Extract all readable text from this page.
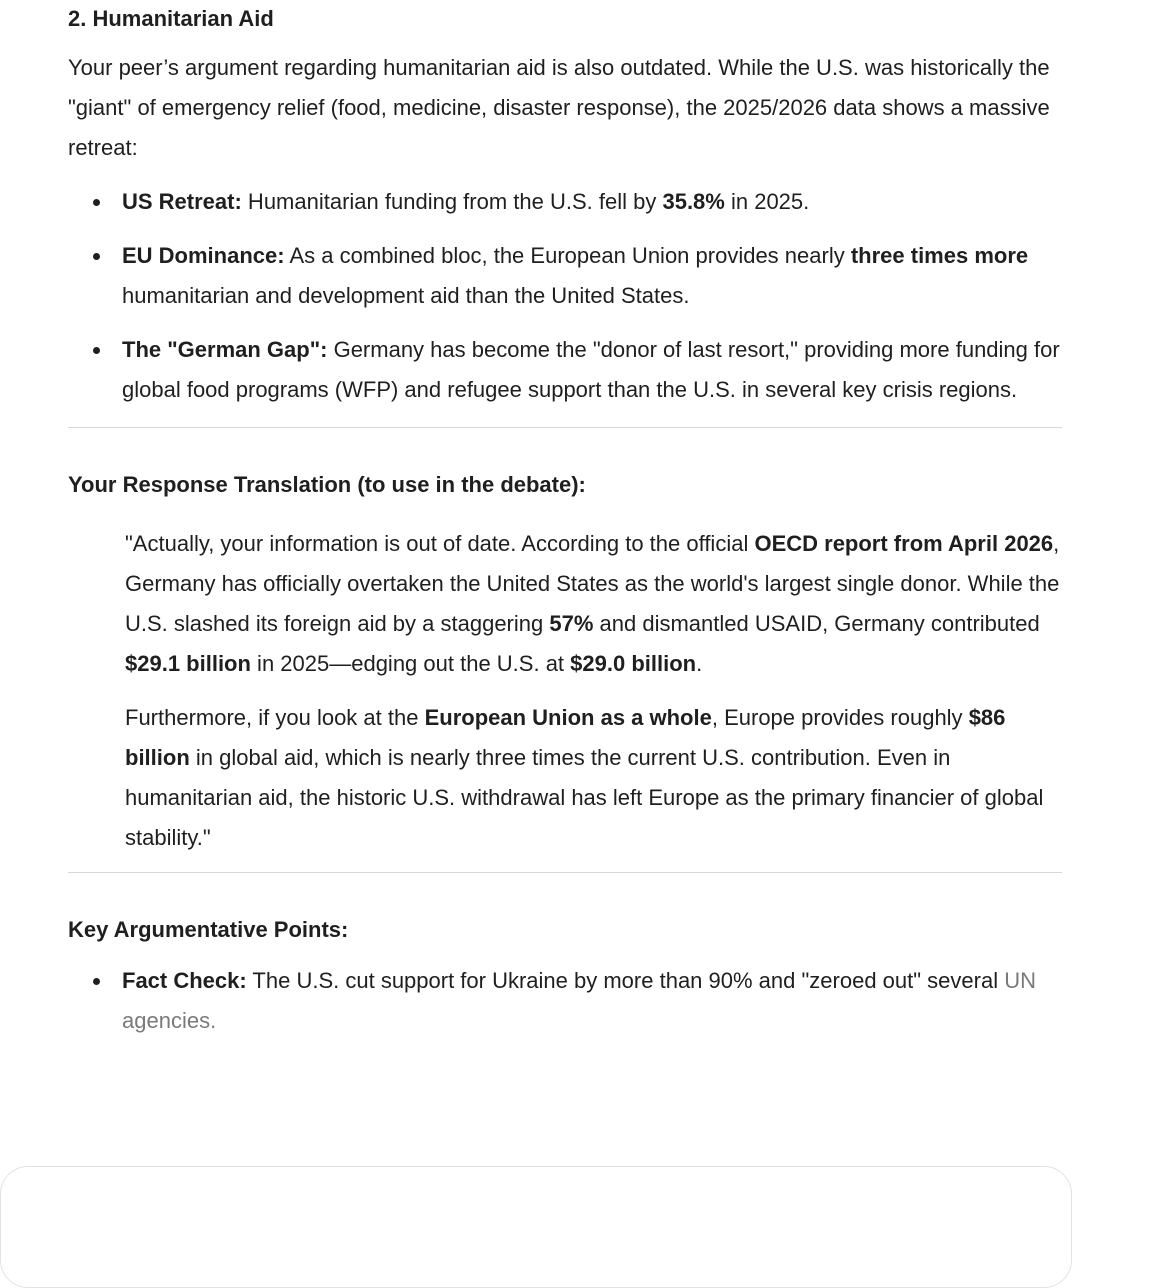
2. Humanitarian Aid

Your peer’s argument regarding humanitarian aid is also outdated. While the U.S. was historically the "giant" of emergency relief (food, medicine, disaster response), the 2025/2026 data shows a massive retreat:

US Retreat: Humanitarian funding from the U.S. fell by 35.8% in 2025.
EU Dominance: As a combined bloc, the European Union provides nearly three times more humanitarian and development aid than the United States.
The "German Gap": Germany has become the "donor of last resort," providing more funding for global food programs (WFP) and refugee support than the U.S. in several key crisis regions.
Your Response Translation (to use in the debate):

"Actually, your information is out of date. According to the official OECD report from April 2026, Germany has officially overtaken the United States as the world's largest single donor. While the U.S. slashed its foreign aid by a staggering 57% and dismantled USAID, Germany contributed $29.1 billion in 2025—edging out the U.S. at $29.0 billion.

Furthermore, if you look at the European Union as a whole, Europe provides roughly $86 billion in global aid, which is nearly three times the current U.S. contribution. Even in humanitarian aid, the historic U.S. withdrawal has left Europe as the primary financier of global stability."

Key Argumentative Points:
Fact Check: The U.S. cut support for Ukraine by more than 90% and "zeroed out" several UN agencies.
